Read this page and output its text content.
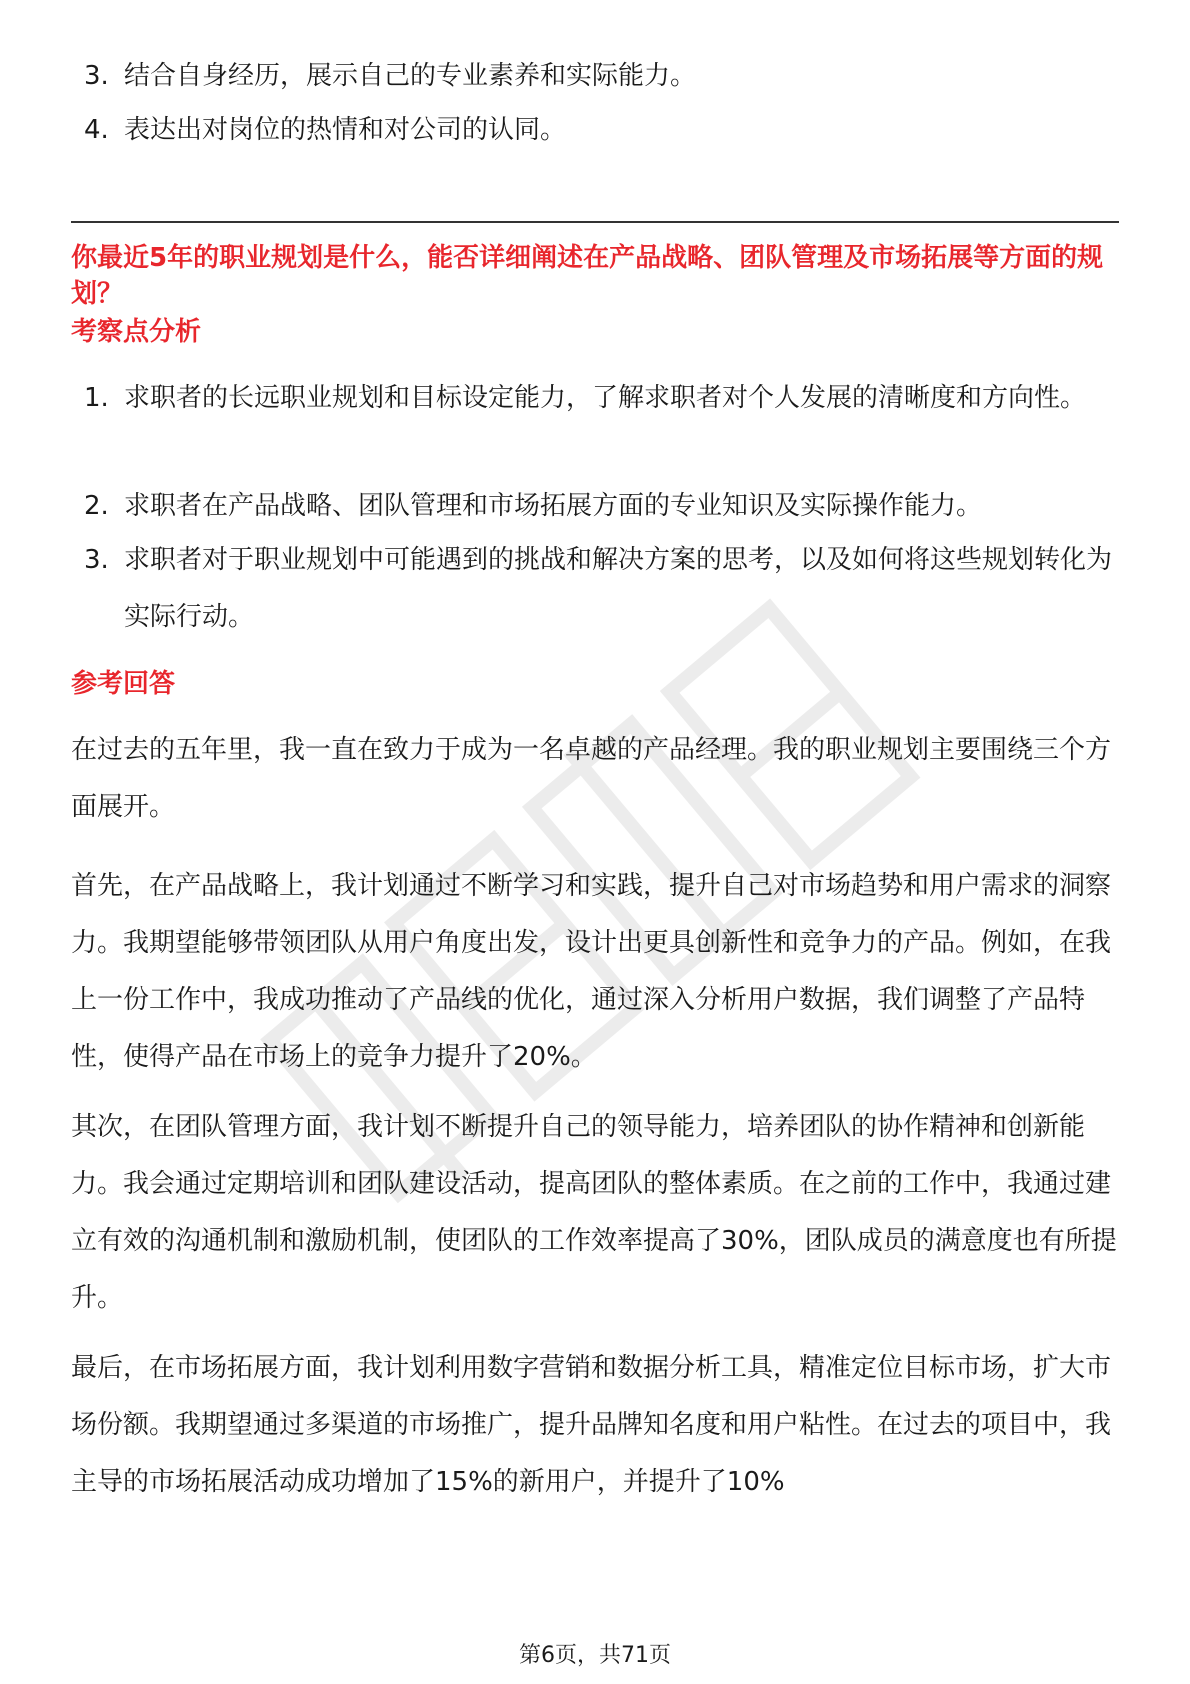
3. 结合自身经历，展示自己的专业素养和实际能力。
4. 表达出对岗位的热情和对公司的认同。
你最近5年的职业规划是什么，能否详细阐述在产品战略、团队管理及市场拓展等方面的规划？
考察点分析
1. 求职者的长远职业规划和目标设定能力，了解求职者对个人发展的清晰度和方向性。
2. 求职者在产品战略、团队管理和市场拓展方面的专业知识及实际操作能力。
3. 求职者对于职业规划中可能遇到的挑战和解决方案的思考，以及如何将这些规划转化为实际行动。
参考回答
在过去的五年里，我一直在致力于成为一名卓越的产品经理。我的职业规划主要围绕三个方面展开。
首先，在产品战略上，我计划通过不断学习和实践，提升自己对市场趋势和用户需求的洞察力。我期望能够带领团队从用户角度出发，设计出更具创新性和竞争力的产品。例如，在我上一份工作中，我成功推动了产品线的优化，通过深入分析用户数据，我们调整了产品特性，使得产品在市场上的竞争力提升了20%。
其次，在团队管理方面，我计划不断提升自己的领导能力，培养团队的协作精神和创新能力。我会通过定期培训和团队建设活动，提高团队的整体素质。在之前的工作中，我通过建立有效的沟通机制和激励机制，使团队的工作效率提高了30%，团队成员的满意度也有所提升。
最后，在市场拓展方面，我计划利用数字营销和数据分析工具，精准定位目标市场，扩大市场份额。我期望通过多渠道的市场推广，提升品牌知名度和用户粘性。在过去的项目中，我主导的市场拓展活动成功增加了15%的新用户，并提升了10%
第6页，共71页
